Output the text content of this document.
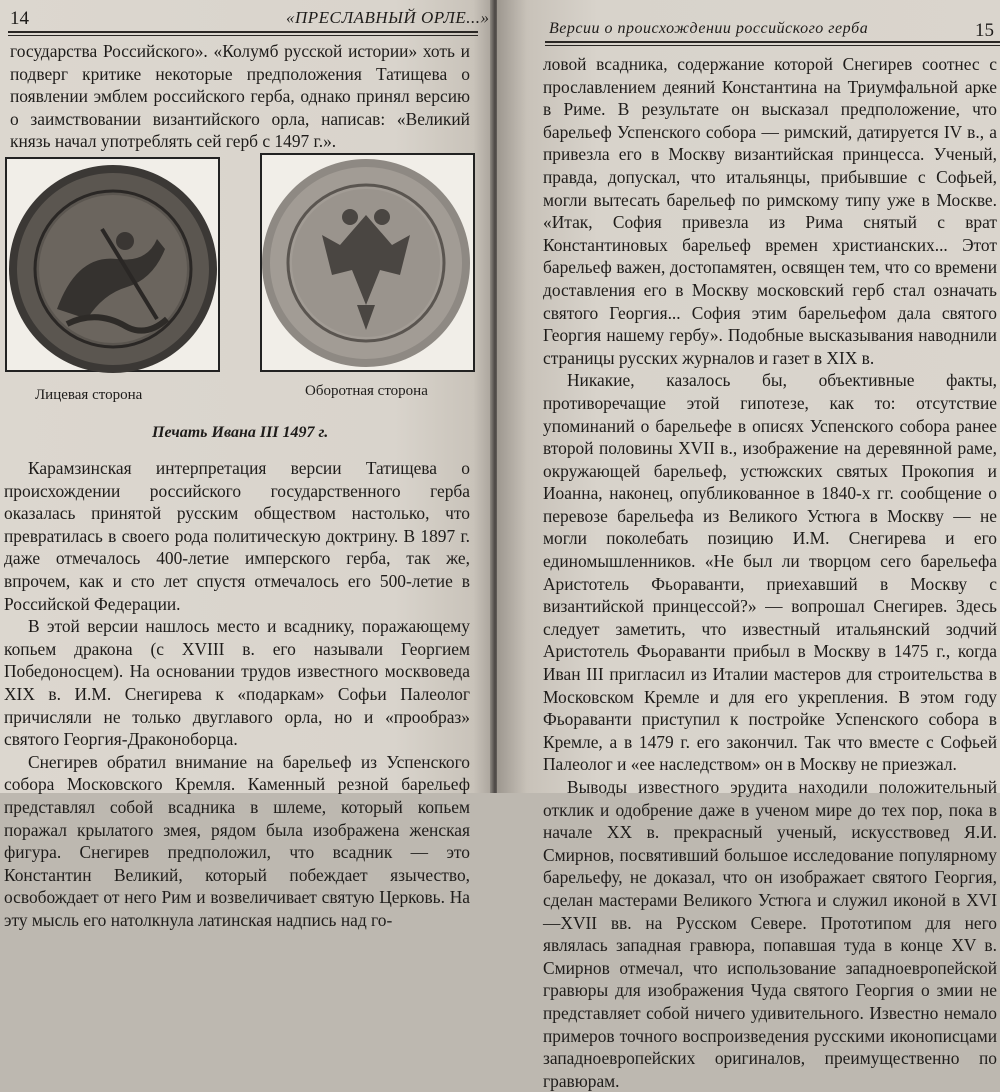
14	«ПРЕСЛАВНЫЙ ОРЛЕ...»

государства Российского». «Колумб русской истории» хоть и подверг критике некоторые предположения Татищева о появлении эмблем российского герба, однако принял версию о заимствовании византийского орла, написав: «Великий князь начал употреблять сей герб с 1497 г.».

Лицевая сторона	Оборотная сторона
Печать Ивана III 1497 г.

Карамзинская интерпретация версии Татищева о происхождении российского государственного герба оказалась принятой русским обществом настолько, что превратилась в своего рода политическую доктрину. В 1897 г. даже отмечалось 400-летие имперского герба, так же, впрочем, как и сто лет спустя отмечалось его 500-летие в Российской Федерации.

В этой версии нашлось место и всаднику, поражающему копьем дракона (с XVIII в. его называли Георгием Победоносцем). На основании трудов известного москвоведа XIX в. И.М. Снегирева к «подаркам» Софьи Палеолог причисляли не только двуглавого орла, но и «прообраз» святого Георгия-Драконоборца.

Снегирев обратил внимание на барельеф из Успенского собора Московского Кремля. Каменный резной барельеф представлял собой всадника в шлеме, который копьем поражал крылатого змея, рядом была изображена женская фигура. Снегирев предположил, что всадник — это Константин Великий, который побеждает язычество, освобождает от него Рим и возвеличивает святую Церковь. На эту мысль его натолкнула латинская надпись над го-

Версии о происхождении российского герба	15

ловой всадника, содержание которой Снегирев соотнес с прославлением деяний Константина на Триумфальной арке в Риме. В результате он высказал предположение, что барельеф Успенского собора — римский, датируется IV в., а привезла его в Москву византийская принцесса. Ученый, правда, допускал, что итальянцы, прибывшие с Софьей, могли вытесать барельеф по римскому типу уже в Москве. «Итак, София привезла из Рима снятый с врат Константиновых барельеф времен христианских... Этот барельеф важен, достопамятен, освящен тем, что со времени доставления его в Москву московский герб стал означать святого Георгия... София этим барельефом дала святого Георгия нашему гербу». Подобные высказывания наводнили страницы русских журналов и газет в XIX в.

Никакие, казалось бы, объективные факты, противоречащие этой гипотезе, как то: отсутствие упоминаний о барельефе в описях Успенского собора ранее второй половины XVII в., изображение на деревянной раме, окружающей барельеф, устюжских святых Прокопия и Иоанна, наконец, опубликованное в 1840-х гг. сообщение о перевозе барельефа из Великого Устюга в Москву — не могли поколебать позицию И.М. Снегирева и его единомышленников. «Не был ли творцом сего барельефа Аристотель Фьораванти, приехавший в Москву с византийской принцессой?» — вопрошал Снегирев. Здесь следует заметить, что известный итальянский зодчий Аристотель Фьораванти прибыл в Москву в 1475 г., когда Иван III пригласил из Италии мастеров для строительства в Московском Кремле и для его укрепления. В этом году Фьораванти приступил к постройке Успенского собора в Кремле, а в 1479 г. его закончил. Так что вместе с Софьей Палеолог и «ее наследством» он в Москву не приезжал.

Выводы известного эрудита находили положительный отклик и одобрение даже в ученом мире до тех пор, пока в начале XX в. прекрасный ученый, искусствовед Я.И. Смирнов, посвятивший большое исследование популярному барельефу, не доказал, что он изображает святого Георгия, сделан мастерами Великого Устюга и служил иконой в XVI—XVII вв. на Русском Севере. Прототипом для него являлась западная гравюра, попавшая туда в конце XV в. Смирнов отмечал, что использование западноевропейской гравюры для изображения Чуда святого Георгия о змии не представляет собой ничего удивительного. Известно немало примеров точного воспроизведения русскими иконописцами западноевропейских оригиналов, преимущественно по гравюрам.
